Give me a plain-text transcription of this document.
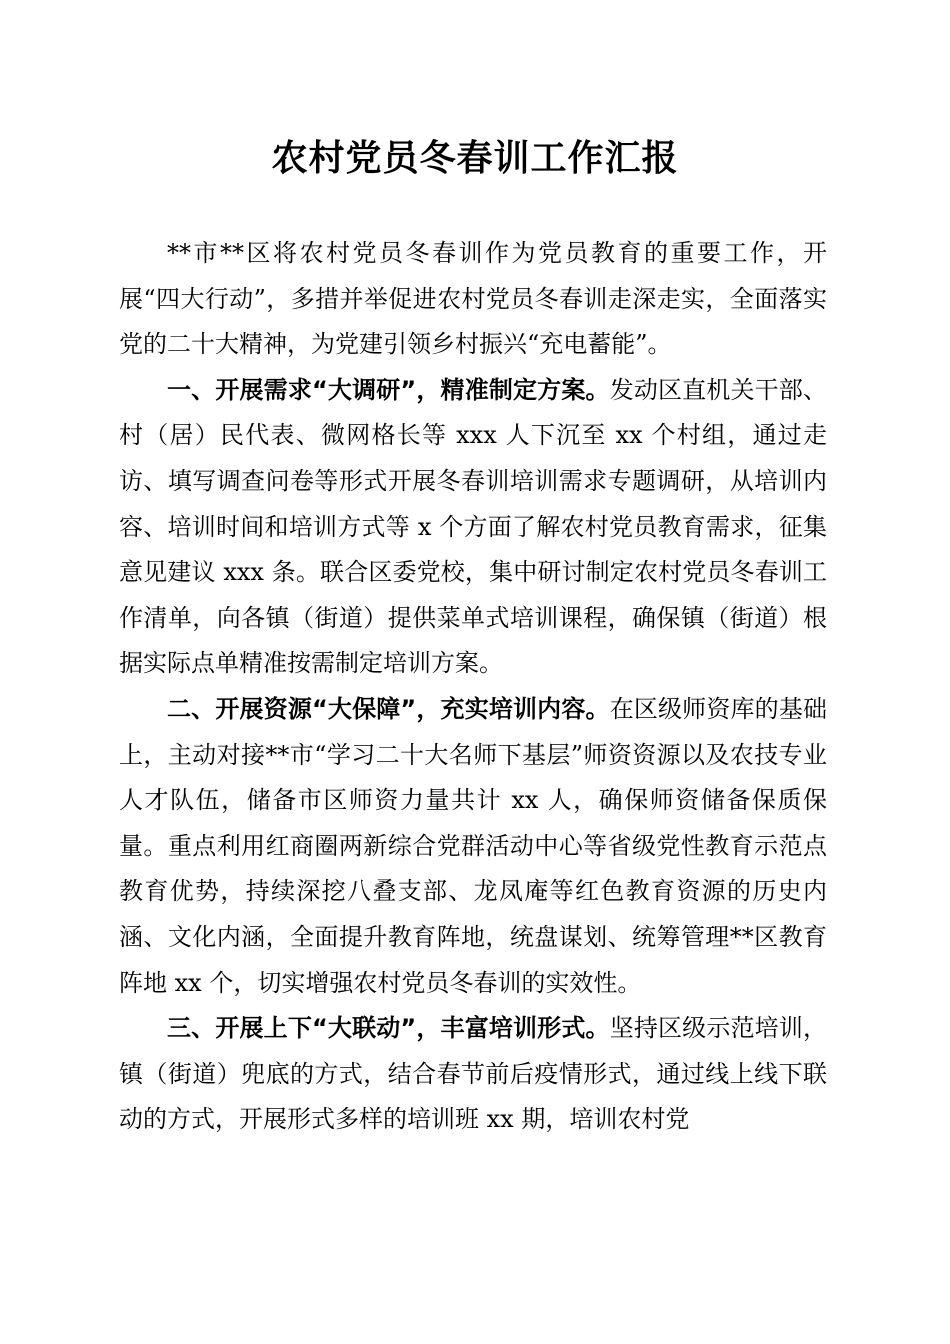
农村党员冬春训工作汇报

**市**区将农村党员冬春训作为党员教育的重要工作，开展“四大行动”，多措并举促进农村党员冬春训走深走实，全面落实党的二十大精神，为党建引领乡村振兴“充电蓄能”。

一、开展需求“大调研”，精准制定方案。发动区直机关干部、村（居）民代表、微网格长等 xxx 人下沉至 xx 个村组，通过走访、填写调查问卷等形式开展冬春训培训需求专题调研，从培训内容、培训时间和培训方式等 x 个方面了解农村党员教育需求，征集意见建议 xxx 条。联合区委党校，集中研讨制定农村党员冬春训工作清单，向各镇（街道）提供菜单式培训课程，确保镇（街道）根据实际点单精准按需制定培训方案。

二、开展资源“大保障”，充实培训内容。在区级师资库的基础上，主动对接**市“学习二十大名师下基层”师资资源以及农技专业人才队伍，储备市区师资力量共计 xx 人，确保师资储备保质保量。重点利用红商圈两新综合党群活动中心等省级党性教育示范点教育优势，持续深挖八叠支部、龙凤庵等红色教育资源的历史内涵、文化内涵，全面提升教育阵地，统盘谋划、统筹管理**区教育阵地 xx 个，切实增强农村党员冬春训的实效性。

三、开展上下“大联动”，丰富培训形式。坚持区级示范培训，镇（街道）兜底的方式，结合春节前后疫情形式，通过线上线下联动的方式，开展形式多样的培训班 xx 期，培训农村党
